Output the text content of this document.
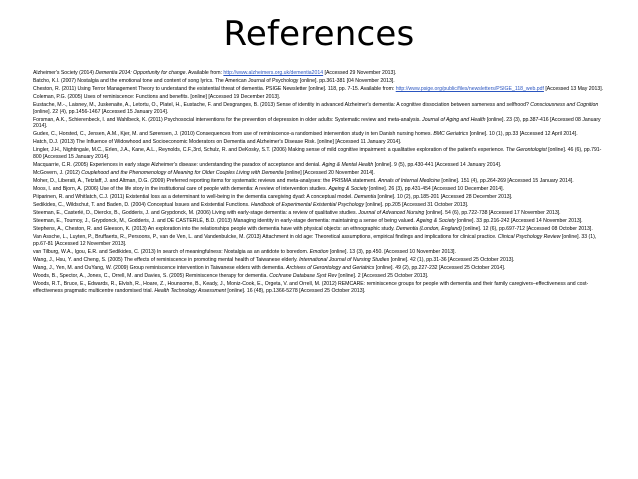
References
Alzheimer's Society (2014) Dementia 2014: Opportunity for change. Available from: http://www.alzheimers.org.uk/dementia2014 [Accessed 29 November 2013].
Batcho, K.I. (2007) Nostalgia and the emotional tone and content of song lyrics. The American Journal of Psychology [online]. pp.361-381 [04 November 2013].
Cheston, R. (2011) Using Terror Management Theory to understand the existential threat of dementia. PSIGE Newsletter [online]. 118, pp. 7-15. Available from: http://www.psige.org/public/files/newsletters/PSIGE_118_web.pdf [Accessed 13 May 2013].
Coleman, P.G. (2005) Uses of reminiscence: Functions and benefits. [online] [Accessed 19 December 2013].
Eustache, M.-., Laisney, M., Juskenaite, A., Letortu, O., Platel, H., Eustache, F. and Desgranges, B. (2013) Sense of identity in advanced Alzheimer's dementia: A cognitive dissociation between sameness and selfhood? Consciousness and Cognition [online]. 22 (4), pp.1456-1467 [Accessed 15 January 2014].
Forsman, A.K., Schierenbeck, I. and Wahlbeck, K. (2011) Psychosocial interventions for the prevention of depression in older adults: Systematic review and meta-analysis. Journal of Aging and Health [online]. 23 (3), pp.387-416 [Accessed 08 January 2014].
Gudex, C., Horsted, C., Jensen, A.M., Kjer, M. and Sørensen, J. (2010) Consequences from use of reminiscence-a randomised intervention study in ten Danish nursing homes. BMC Geriatrics [online]. 10 (1), pp.33 [Accessed 12 April 2014].
Hatch, D.J. (2013) The Influence of Widowhood and Socioeconomic Moderators on Dementia and Alzheimer's Disease Risk. [online] [Accessed 11 January 2014].
Lingler, J.H., Nightingale, M.C., Erlen, J.A., Kane, A.L., Reynolds, C.F.,3rd, Schulz, R. and DeKosky, S.T. (2006) Making sense of mild cognitive impairment: a qualitative exploration of the patient's experience. The Gerontologist [online]. 46 (6), pp.791-800 [Accessed 15 January 2014].
Macquarrie, C.R. (2005) Experiences in early stage Alzheimer's disease: understanding the paradox of acceptance and denial. Aging & Mental Health [online]. 9 (5), pp.430-441 [Accessed 14 January 2014].
McGovern, J. (2012) Couplehood and the Phenomenology of Meaning for Older Couples Living with Dementia [online] [Accessed 20 November 2014].
Moher, D., Liberati, A., Tetzlaff, J. and Altman, D.G. (2009) Preferred reporting items for systematic reviews and meta-analyses: the PRISMA statement. Annals of Internal Medicine [online]. 151 (4), pp.264-269 [Accessed 15 January 2014].
Moos, I. and Bjorn, A. (2006) Use of the life story in the institutional care of people with dementia: A review of intervention studies. Ageing & Society [online]. 26 (3), pp.431-454 [Accessed 10 December 2014].
Piiparinen, R. and Whitlatch, C.J. (2011) Existential loss as a determinant to well-being in the dementia caregiving dyad: A conceptual model. Dementia [online]. 10 (2), pp.185-201 [Accessed 28 December 2013].
Sedikides, C., Wildschut, T. and Baden, D. (2004) Conceptual Issues and Existential Functions. Handbook of Experimental Existential Psychology [online]. pp.205 [Accessed 31 October 2013].
Steeman, E., Casterlé, D., Dierckx, B., Godderis, J. and Grypdonck, M. (2006) Living with early-stage dementia: a review of qualitative studies. Journal of Advanced Nursing [online]. 54 (6), pp.722-738 [Accessed 17 November 2013].
Steeman, E., Tournoy, J., Grypdonck, M., Godderis, J. and DE CASTERLÉ, B.D. (2013) Managing identity in early-stage dementia: maintaining a sense of being valued. Ageing & Society [online]. 33 pp.216-242 [Accessed 14 November 2013].
Stephens, A., Cheston, R. and Gleeson, K. (2013) An exploration into the relationships people with dementia have with physical objects: an ethnographic study. Dementia (London, England) [online]. 12 (6), pp.697-712 [Accessed 08 October 2013].
Van Assche, L., Luyten, P., Bruffaerts, R., Persoons, P., van de Ven, L. and Vandenbulcke, M. (2013) Attachment in old age: Theoretical assumptions, empirical findings and implications for clinical practice. Clinical Psychology Review [online]. 33 (1), pp.67-81 [Accessed 12 November 2013].
van Tilburg, W.A., Igou, E.R. and Sedikides, C. (2013) In search of meaningfulness: Nostalgia as an antidote to boredom. Emotion [online]. 13 (3), pp.450. [Accessed 10 November 2013].
Wang, J., Hsu, Y. and Cheng, S. (2005) The effects of reminiscence in promoting mental health of Taiwanese elderly. International Journal of Nursing Studies [online]. 42 (1), pp.31-36 [Accessed 25 October 2013].
Wang, J., Yen, M. and OuYang, W. (2009) Group reminiscence intervention in Taiwanese elders with dementia. Archives of Gerontology and Geriatrics [online]. 49 (2), pp.227-232 [Accessed 25 October 2014].
Woods, B., Spector, A., Jones, C., Orrell, M. and Davies, S. (2005) Reminiscence therapy for dementia. Cochrane Database Syst Rev [online]. 2 [Accessed 25 October 2013].
Woods, R.T., Bruce, E., Edwards, R., Elvish, R., Hoare, Z., Hounsome, B., Keady, J., Moniz-Cook, E., Orgeta, V. and Orrell, M. (2012) REMCARE: reminiscence groups for people with dementia and their family caregivers–effectiveness and cost-effectiveness pragmatic multicentre randomised trial. Health Technology Assessment [online]. 16 (48), pp.1366-5278 [Accessed 25 October 2013].
